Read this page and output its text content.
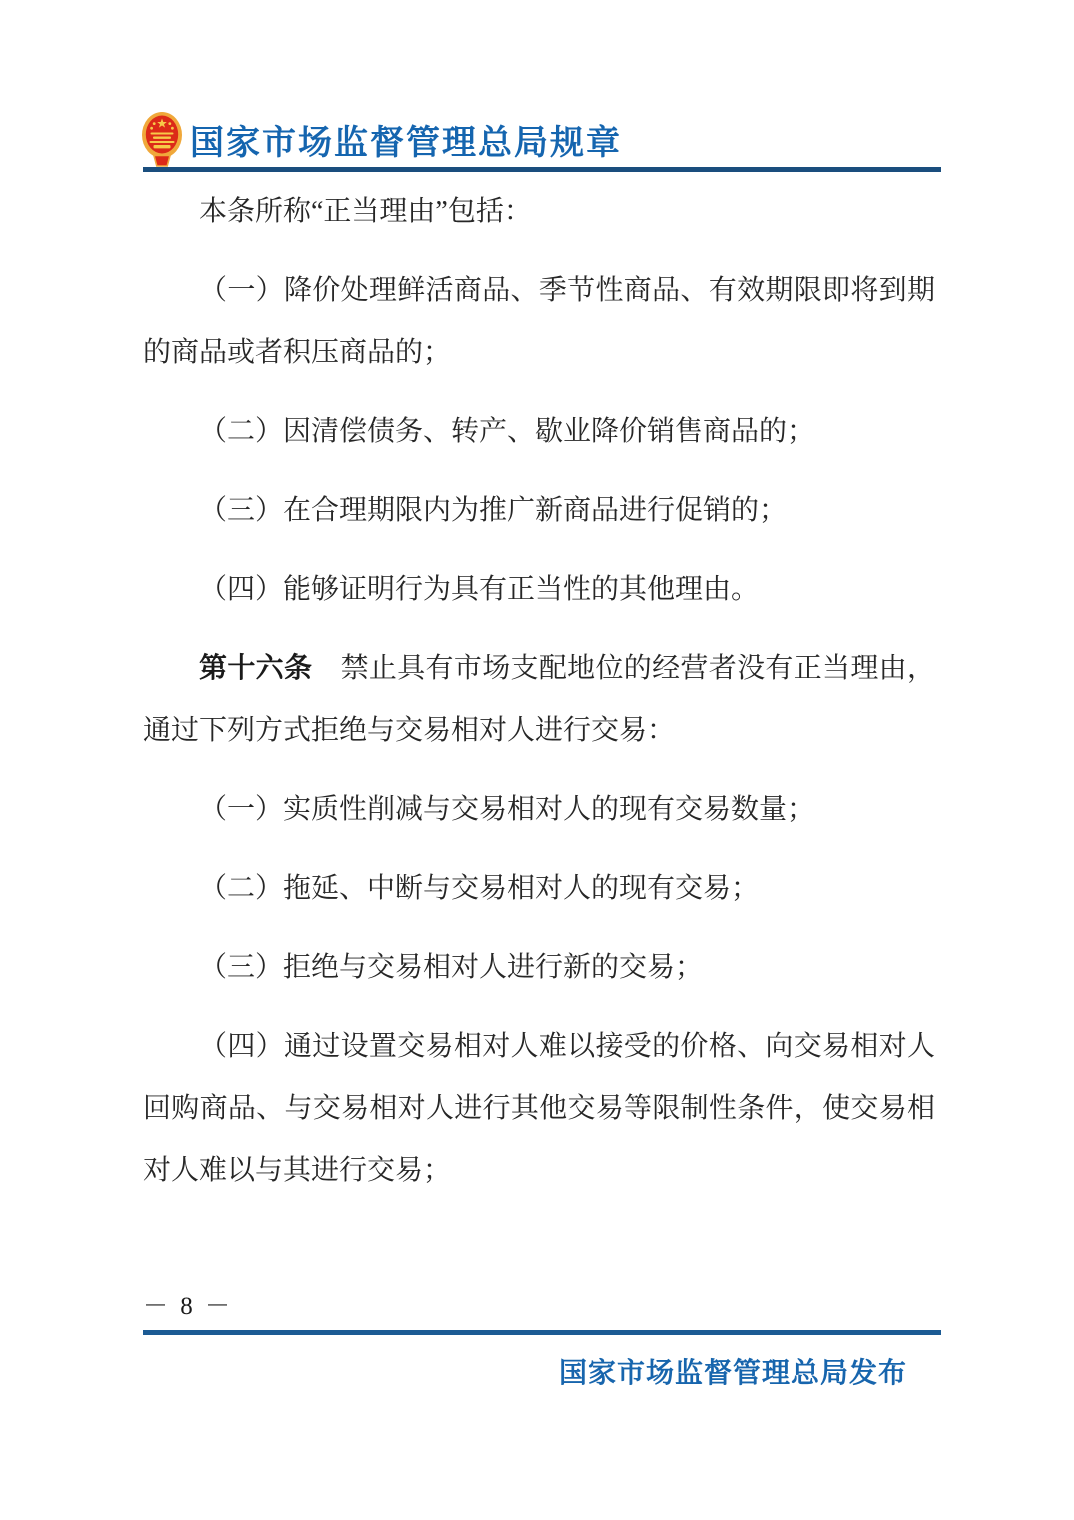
国家市场监督管理总局规章

本条所称“正当理由”包括：

（一）降价处理鲜活商品、季节性商品、有效期限即将到期的商品或者积压商品的；

（二）因清偿债务、转产、歇业降价销售商品的；

（三）在合理期限内为推广新商品进行促销的；

（四）能够证明行为具有正当性的其他理由。

第十六条　禁止具有市场支配地位的经营者没有正当理由，通过下列方式拒绝与交易相对人进行交易：

（一）实质性削减与交易相对人的现有交易数量；

（二）拖延、中断与交易相对人的现有交易；

（三）拒绝与交易相对人进行新的交易；

（四）通过设置交易相对人难以接受的价格、向交易相对人回购商品、与交易相对人进行其他交易等限制性条件，使交易相对人难以与其进行交易；

－ 8 －
国家市场监督管理总局发布
